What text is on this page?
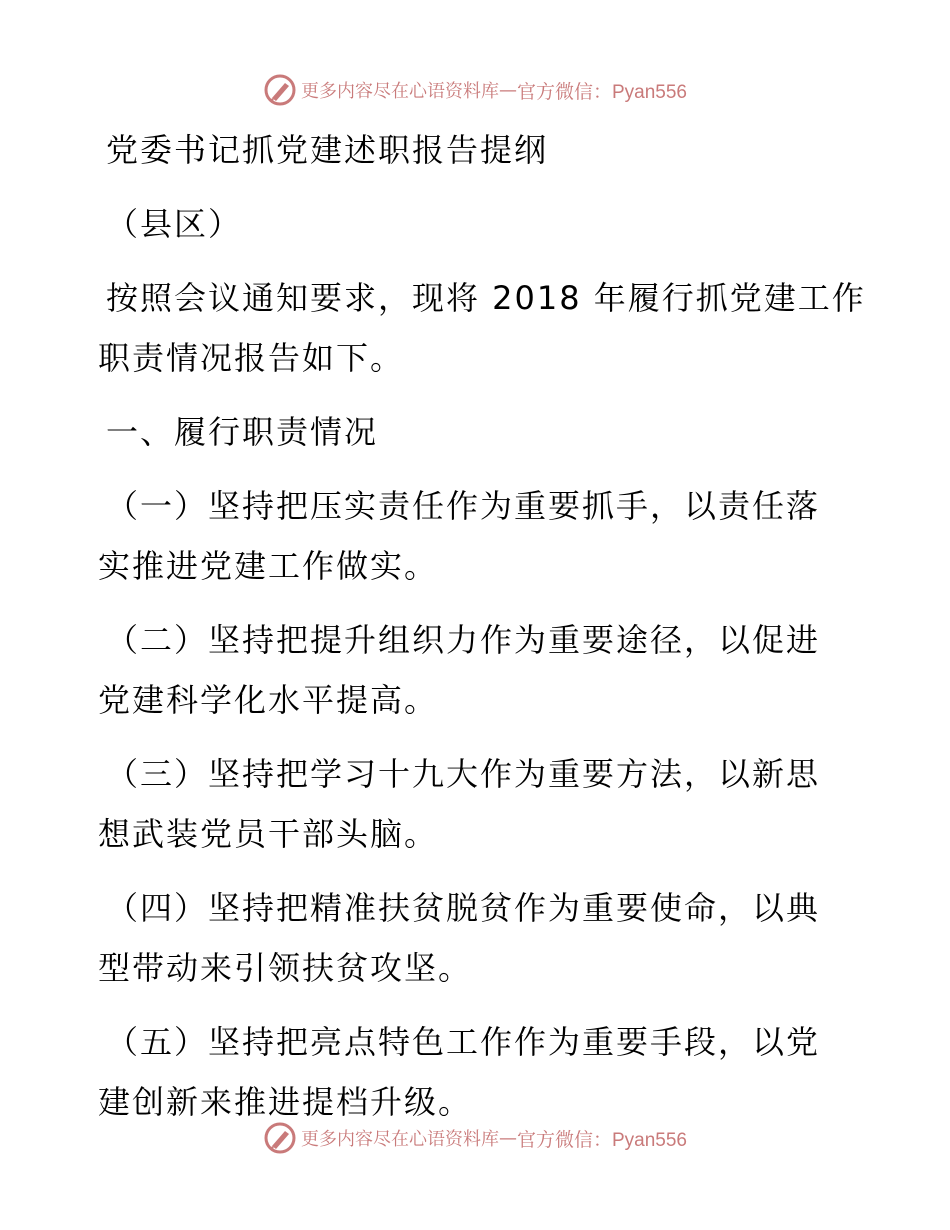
更多内容尽在心语资料库 — 官方微信：Pyan556
党委书记抓党建述职报告提纲
（县区）
按照会议通知要求，现将 2018 年履行抓党建工作
职责情况报告如下。
一、履行职责情况
（一）坚持把压实责任作为重要抓手，以责任落
实推进党建工作做实。
（二）坚持把提升组织力作为重要途径，以促进
党建科学化水平提高。
（三）坚持把学习十九大作为重要方法，以新思
想武装党员干部头脑。
（四）坚持把精准扶贫脱贫作为重要使命，以典
型带动来引领扶贫攻坚。
（五）坚持把亮点特色工作作为重要手段，以党
建创新来推进提档升级。
更多内容尽在心语资料库 — 官方微信：Pyan556
